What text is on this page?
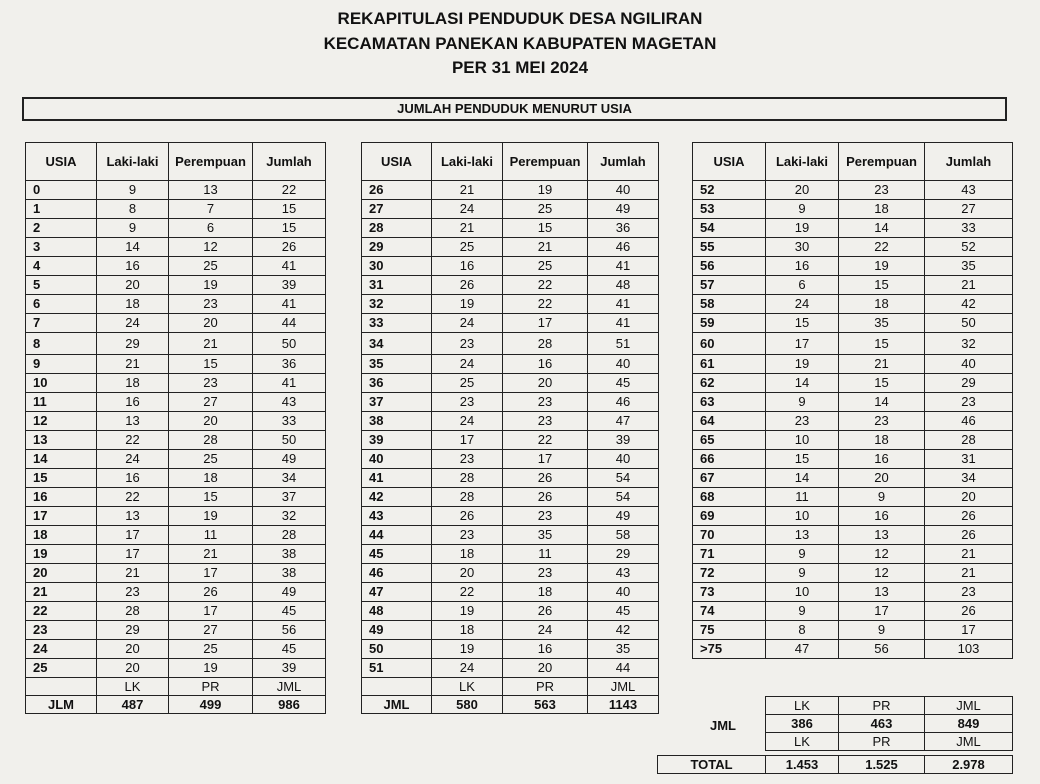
REKAPITULASI PENDUDUK DESA NGILIRAN
KECAMATAN PANEKAN KABUPATEN MAGETAN
PER 31 MEI 2024
JUMLAH PENDUDUK MENURUT USIA
USIA	Laki-laki	Perempuan	Jumlah
0	9	13	22
1	8	7	15
2	9	6	15
3	14	12	26
4	16	25	41
5	20	19	39
6	18	23	41
7	24	20	44
8	29	21	50
9	21	15	36
10	18	23	41
11	16	27	43
12	13	20	33
13	22	28	50
14	24	25	49
15	16	18	34
16	22	15	37
17	13	19	32
18	17	11	28
19	17	21	38
20	21	17	38
21	23	26	49
22	28	17	45
23	29	27	56
24	20	25	45
25	20	19	39
	LK	PR	JML
JLM	487	499	986
USIA	Laki-laki	Perempuan	Jumlah
26	21	19	40
27	24	25	49
28	21	15	36
29	25	21	46
30	16	25	41
31	26	22	48
32	19	22	41
33	24	17	41
34	23	28	51
35	24	16	40
36	25	20	45
37	23	23	46
38	24	23	47
39	17	22	39
40	23	17	40
41	28	26	54
42	28	26	54
43	26	23	49
44	23	35	58
45	18	11	29
46	20	23	43
47	22	18	40
48	19	26	45
49	18	24	42
50	19	16	35
51	24	20	44
	LK	PR	JML
JML	580	563	1143
USIA	Laki-laki	Perempuan	Jumlah
52	20	23	43
53	9	18	27
54	19	14	33
55	30	22	52
56	16	19	35
57	6	15	21
58	24	18	42
59	15	35	50
60	17	15	32
61	19	21	40
62	14	15	29
63	9	14	23
64	23	23	46
65	10	18	28
66	15	16	31
67	14	20	34
68	11	9	20
69	10	16	26
70	13	13	26
71	9	12	21
72	9	12	21
73	10	13	23
74	9	17	26
75	8	9	17
>75	47	56	103
JML
LK	PR	JML
386	463	849
LK	PR	JML
TOTAL	1.453	1.525	2.978
